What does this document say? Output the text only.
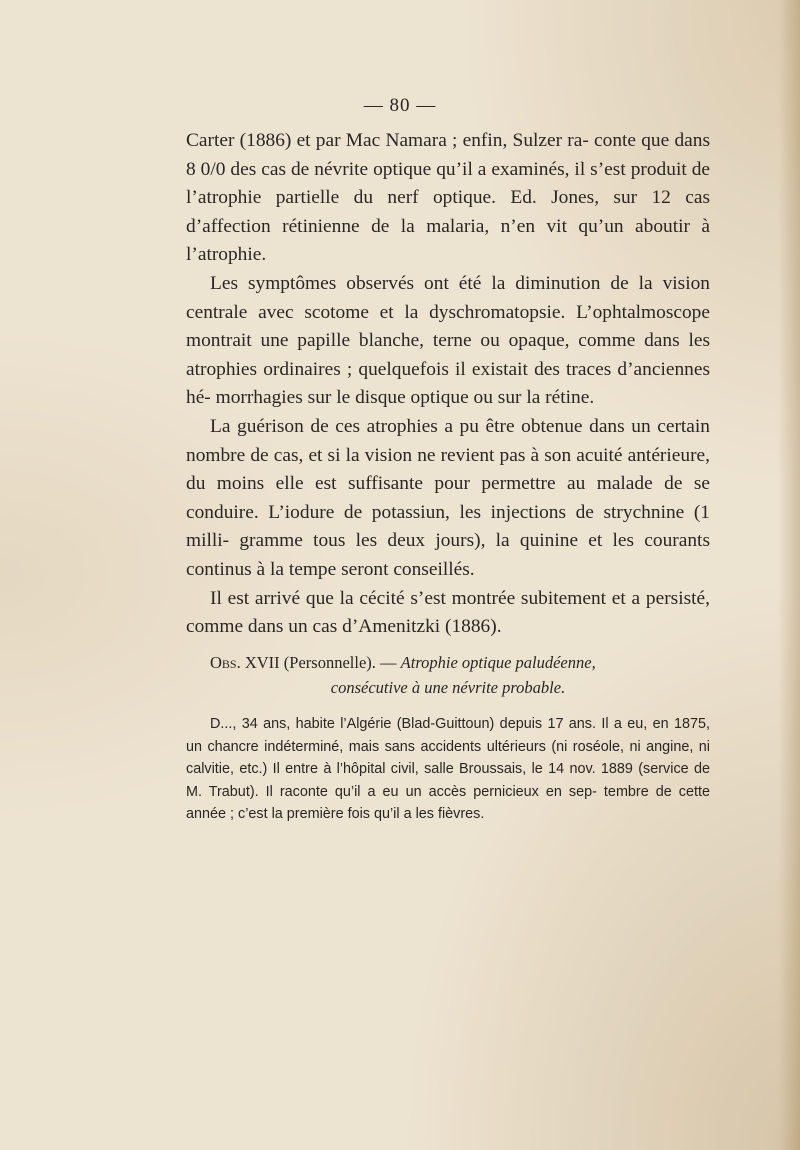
— 80 —

Carter (1886) et par Mac Namara ; enfin, Sulzer ra- conte que dans 8 0/0 des cas de névrite optique qu’il a examinés, il s’est produit de l’atrophie partielle du nerf optique. Ed. Jones, sur 12 cas d’affection rétinienne de la malaria, n’en vit qu’un aboutir à l’atrophie.

Les symptômes observés ont été la diminution de la vision centrale avec scotome et la dyschromatopsie. L’ophtalmoscope montrait une papille blanche, terne ou opaque, comme dans les atrophies ordinaires ; quelquefois il existait des traces d’anciennes hé- morrhagies sur le disque optique ou sur la rétine.

La guérison de ces atrophies a pu être obtenue dans un certain nombre de cas, et si la vision ne revient pas à son acuité antérieure, du moins elle est suffisante pour permettre au malade de se conduire. L’iodure de potassiun, les injections de strychnine (1 milli- gramme tous les deux jours), la quinine et les courants continus à la tempe seront conseillés.

Il est arrivé que la cécité s’est montrée subitement et a persisté, comme dans un cas d’Amenitzki (1886).

Obs. XVII (Personnelle). — Atrophie optique paludéenne,

consécutive à une névrite probable.

D..., 34 ans, habite l’Algérie (Blad-Guittoun) depuis 17 ans. Il a eu, en 1875, un chancre indéterminé, mais sans accidents ultérieurs (ni roséole, ni angine, ni calvitie, etc.) Il entre à l’hôpital civil, salle Broussais, le 14 nov. 1889 (service de M. Trabut). Il raconte qu’il a eu un accès pernicieux en sep- tembre de cette année ; c’est la première fois qu’il a les fièvres.
